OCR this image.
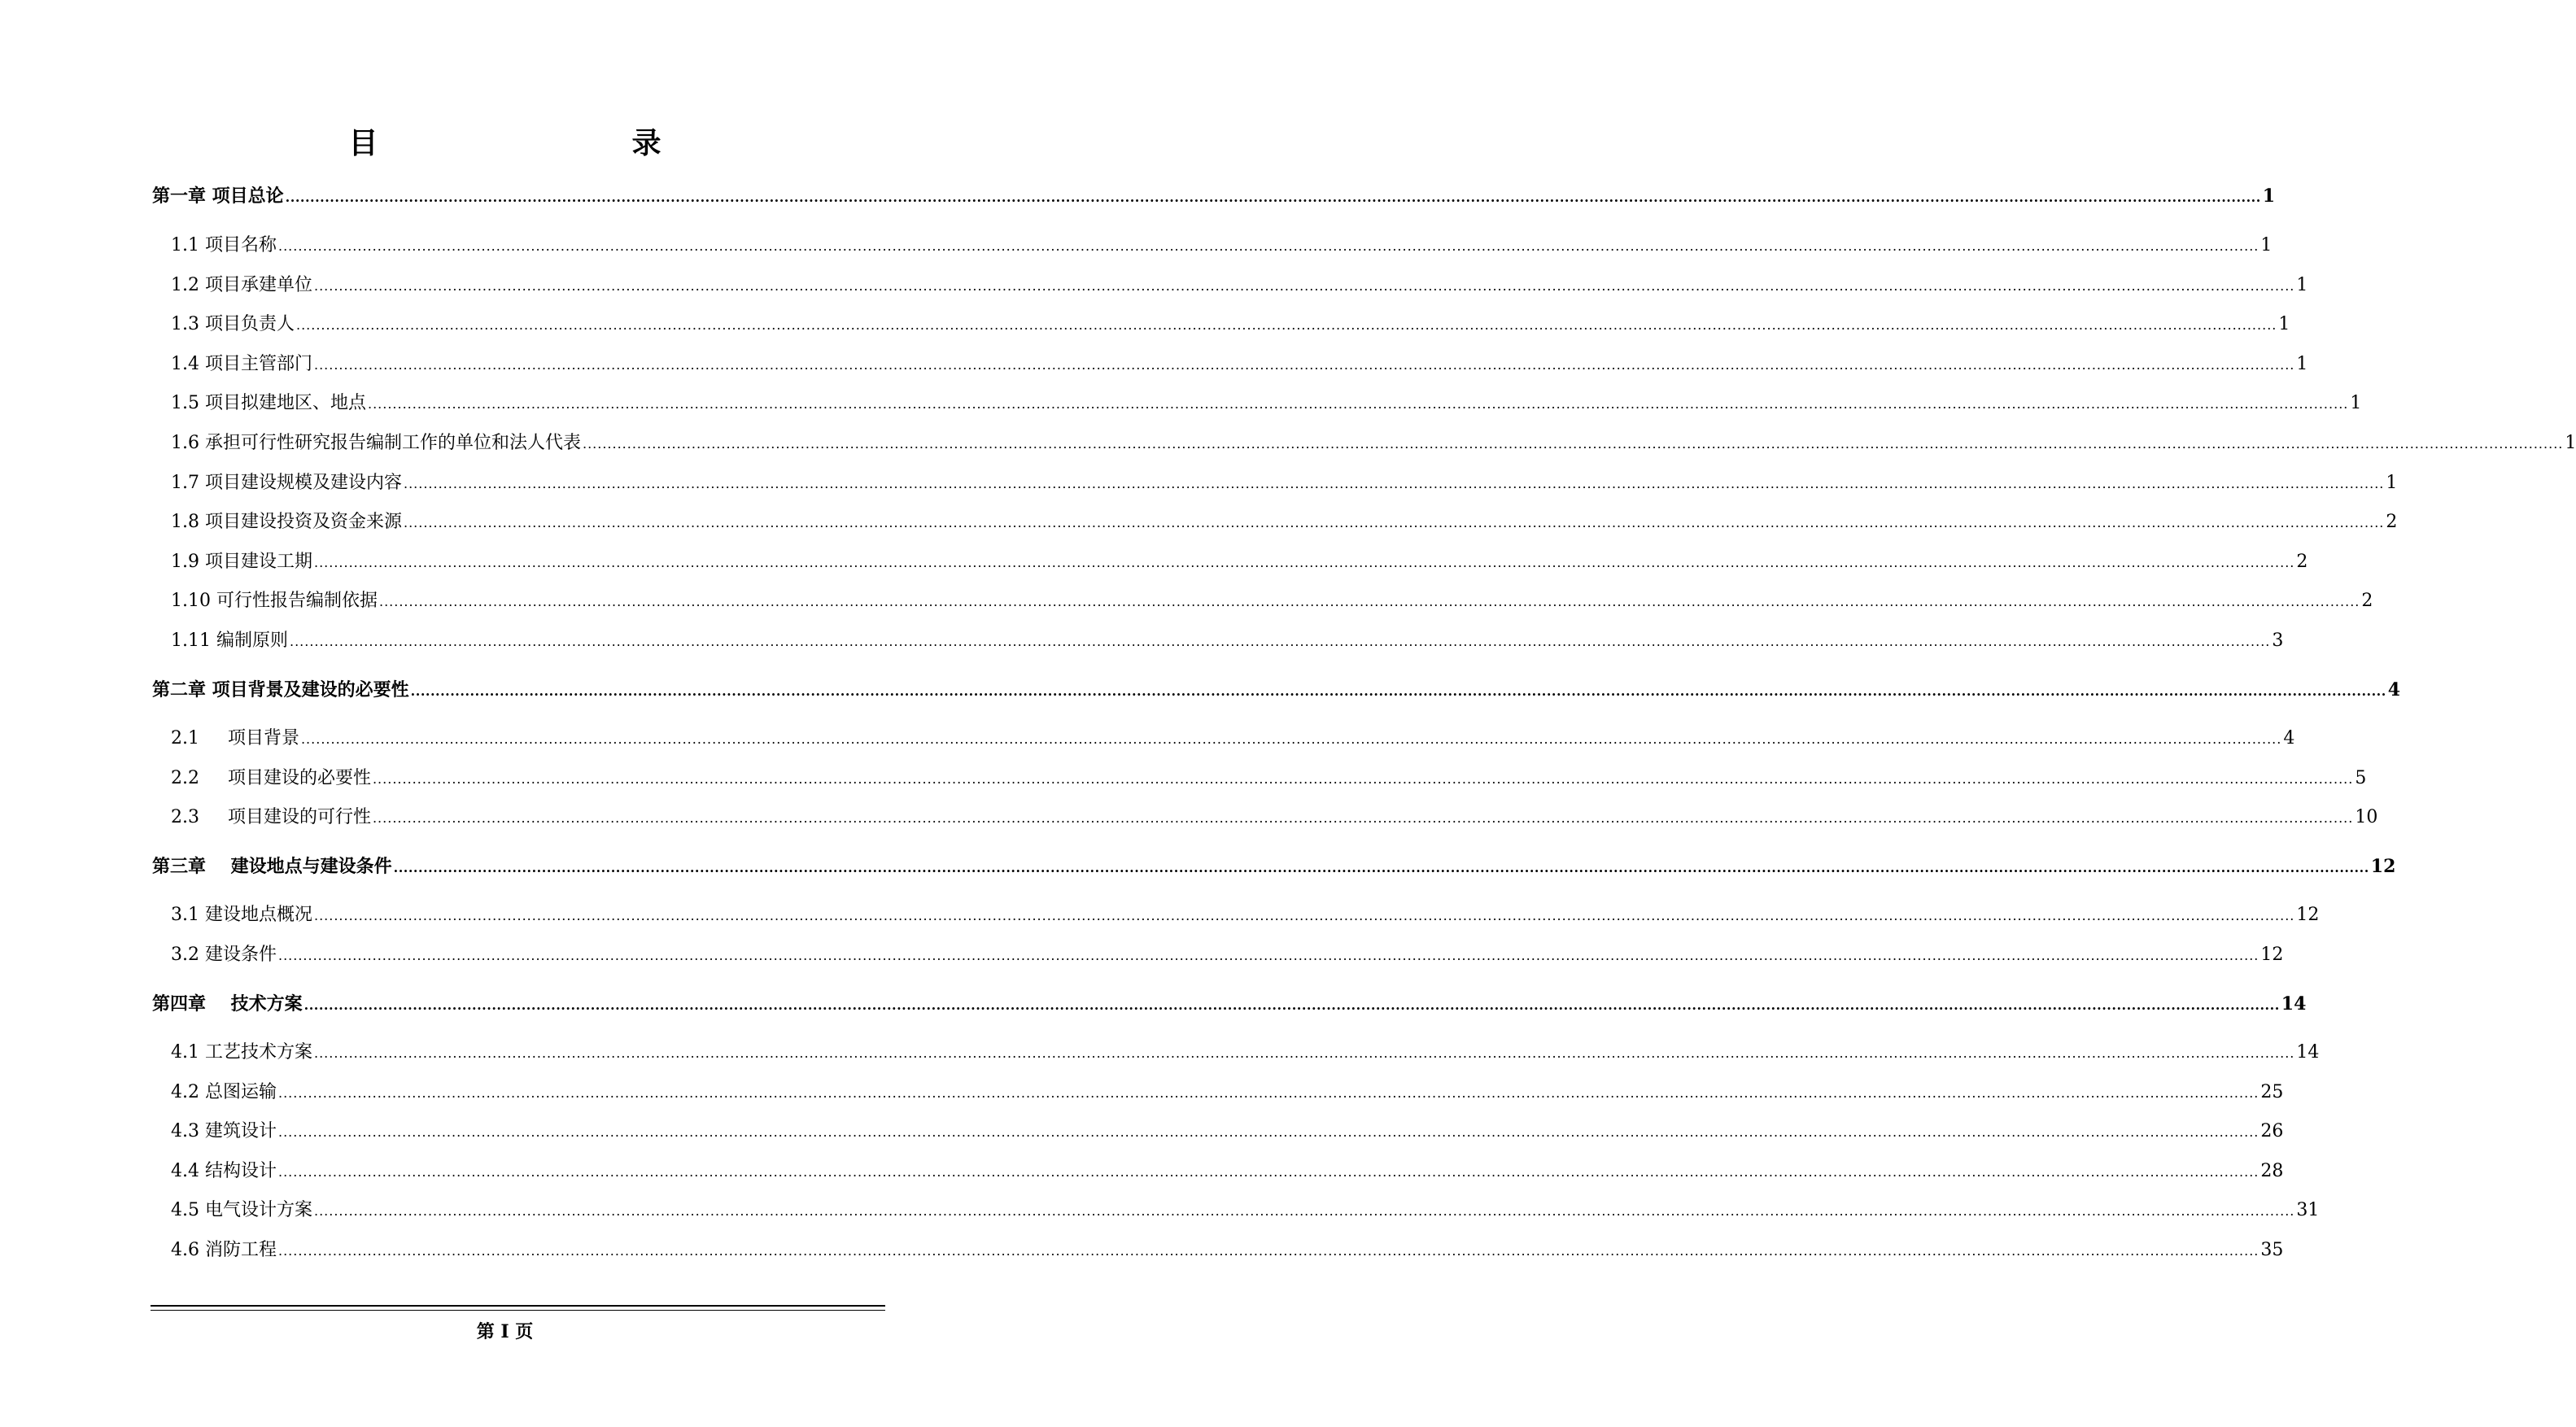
目　　录
第一章 项目总论 ................................................................................................................................................................................................................................................................................................................................................................................................................ 1
1.1 项目名称 ................................................................................................................................................................................................................................................................................................................................................................................................................ 1
1.2 项目承建单位 ................................................................................................................................................................................................................................................................................................................................................................................................................ 1
1.3 项目负责人 ................................................................................................................................................................................................................................................................................................................................................................................................................ 1
1.4 项目主管部门 ................................................................................................................................................................................................................................................................................................................................................................................................................ 1
1.5 项目拟建地区、地点 ................................................................................................................................................................................................................................................................................................................................................................................................................ 1
1.6 承担可行性研究报告编制工作的单位和法人代表 ................................................................................................................................................................................................................................................................................................................................................................................................................ 1
1.7 项目建设规模及建设内容 ................................................................................................................................................................................................................................................................................................................................................................................................................ 1
1.8 项目建设投资及资金来源 ................................................................................................................................................................................................................................................................................................................................................................................................................ 2
1.9 项目建设工期 ................................................................................................................................................................................................................................................................................................................................................................................................................ 2
1.10 可行性报告编制依据 ................................................................................................................................................................................................................................................................................................................................................................................................................ 2
1.11 编制原则 ................................................................................................................................................................................................................................................................................................................................................................................................................ 3
第二章 项目背景及建设的必要性 ................................................................................................................................................................................................................................................................................................................................................................................................................ 4
2.1     项目背景 ................................................................................................................................................................................................................................................................................................................................................................................................................ 4
2.2     项目建设的必要性 ................................................................................................................................................................................................................................................................................................................................................................................................................ 5
2.3     项目建设的可行性 ................................................................................................................................................................................................................................................................................................................................................................................................................ 10
第三章    建设地点与建设条件 ................................................................................................................................................................................................................................................................................................................................................................................................................ 12
3.1 建设地点概况 ................................................................................................................................................................................................................................................................................................................................................................................................................ 12
3.2 建设条件 ................................................................................................................................................................................................................................................................................................................................................................................................................ 12
第四章    技术方案 ................................................................................................................................................................................................................................................................................................................................................................................................................ 14
4.1 工艺技术方案 ................................................................................................................................................................................................................................................................................................................................................................................................................ 14
4.2 总图运输 ................................................................................................................................................................................................................................................................................................................................................................................................................ 25
4.3 建筑设计 ................................................................................................................................................................................................................................................................................................................................................................................................................ 26
4.4 结构设计 ................................................................................................................................................................................................................................................................................................................................................................................................................ 28
4.5 电气设计方案 ................................................................................................................................................................................................................................................................................................................................................................................................................ 31
4.6 消防工程 ................................................................................................................................................................................................................................................................................................................................................................................................................ 35
第 I 页
